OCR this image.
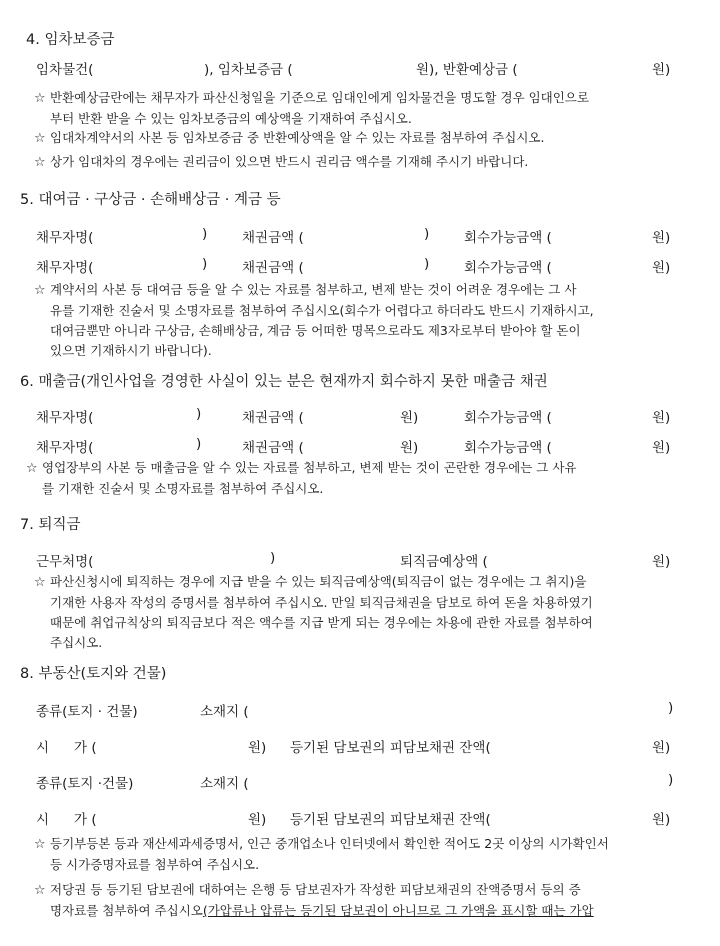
4. 임차보증금
임차물건(	), 임차보증금 (	원), 반환예상금 (	원)
☆ 반환예상금란에는 채무자가 파산신청일을 기준으로 임대인에게 임차물건을 명도할 경우 임대인으로
부터 반환 받을 수 있는 임차보증금의 예상액을 기재하여 주십시오.
☆ 임대차계약서의 사본 등 임차보증금 중 반환예상액을 알 수 있는 자료를 첨부하여 주십시오.
☆ 상가 임대차의 경우에는 권리금이 있으면 반드시 권리금 액수를 기재해 주시기 바랍니다.
5. 대여금 · 구상금 · 손해배상금 · 계금 등
채무자명(	)	채권금액 (	)	회수가능금액 (	원)
채무자명(	)	채권금액 (	)	회수가능금액 (	원)
☆ 계약서의 사본 등 대여금 등을 알 수 있는 자료를 첨부하고, 변제 받는 것이 어려운 경우에는 그 사
유를 기재한 진술서 및 소명자료를 첨부하여 주십시오(회수가 어렵다고 하더라도 반드시 기재하시고,
대여금뿐만 아니라 구상금, 손해배상금, 계금 등 어떠한 명목으로라도 제3자로부터 받아야 할 돈이
있으면 기재하시기 바랍니다).
6. 매출금(개인사업을 경영한 사실이 있는 분은 현재까지 회수하지 못한 매출금 채권
채무자명(	)	채권금액 (	원)	회수가능금액 (	원)
채무자명(	)	채권금액 (	원)	회수가능금액 (	원)
☆ 영업장부의 사본 등 매출금을 알 수 있는 자료를 첨부하고, 변제 받는 것이 곤란한 경우에는 그 사유
를 기재한 진술서 및 소명자료를 첨부하여 주십시오.
7. 퇴직금
근무처명(	)	퇴직금예상액 (	원)
☆ 파산신청시에 퇴직하는 경우에 지급 받을 수 있는 퇴직금예상액(퇴직금이 없는 경우에는 그 취지)을
기재한 사용자 작성의 증명서를 첨부하여 주십시오. 만일 퇴직금채권을 담보로 하여 돈을 차용하였기
때문에 취업규칙상의 퇴직금보다 적은 액수를 지급 받게 되는 경우에는 차용에 관한 자료를 첨부하여
주십시오.
8. 부동산(토지와 건물)
종류(토지 · 건물)	소재지 (	)
시 가 (	원) 등기된 담보권의 피담보채권 잔액(	원)
종류(토지 ·건물)	소재지 (	)
시 가 (	원) 등기된 담보권의 피담보채권 잔액(	원)
☆ 등기부등본 등과 재산세과세증명서, 인근 중개업소나 인터넷에서 확인한 적어도 2곳 이상의 시가확인서
등 시가증명자료를 첨부하여 주십시오.
☆ 저당권 등 등기된 담보권에 대하여는 은행 등 담보권자가 작성한 피담보채권의 잔액증명서 등의 증
명자료를 첨부하여 주십시오(가압류나 압류는 등기된 담보권이 아니므로 그 가액을 표시할 때는 가압
